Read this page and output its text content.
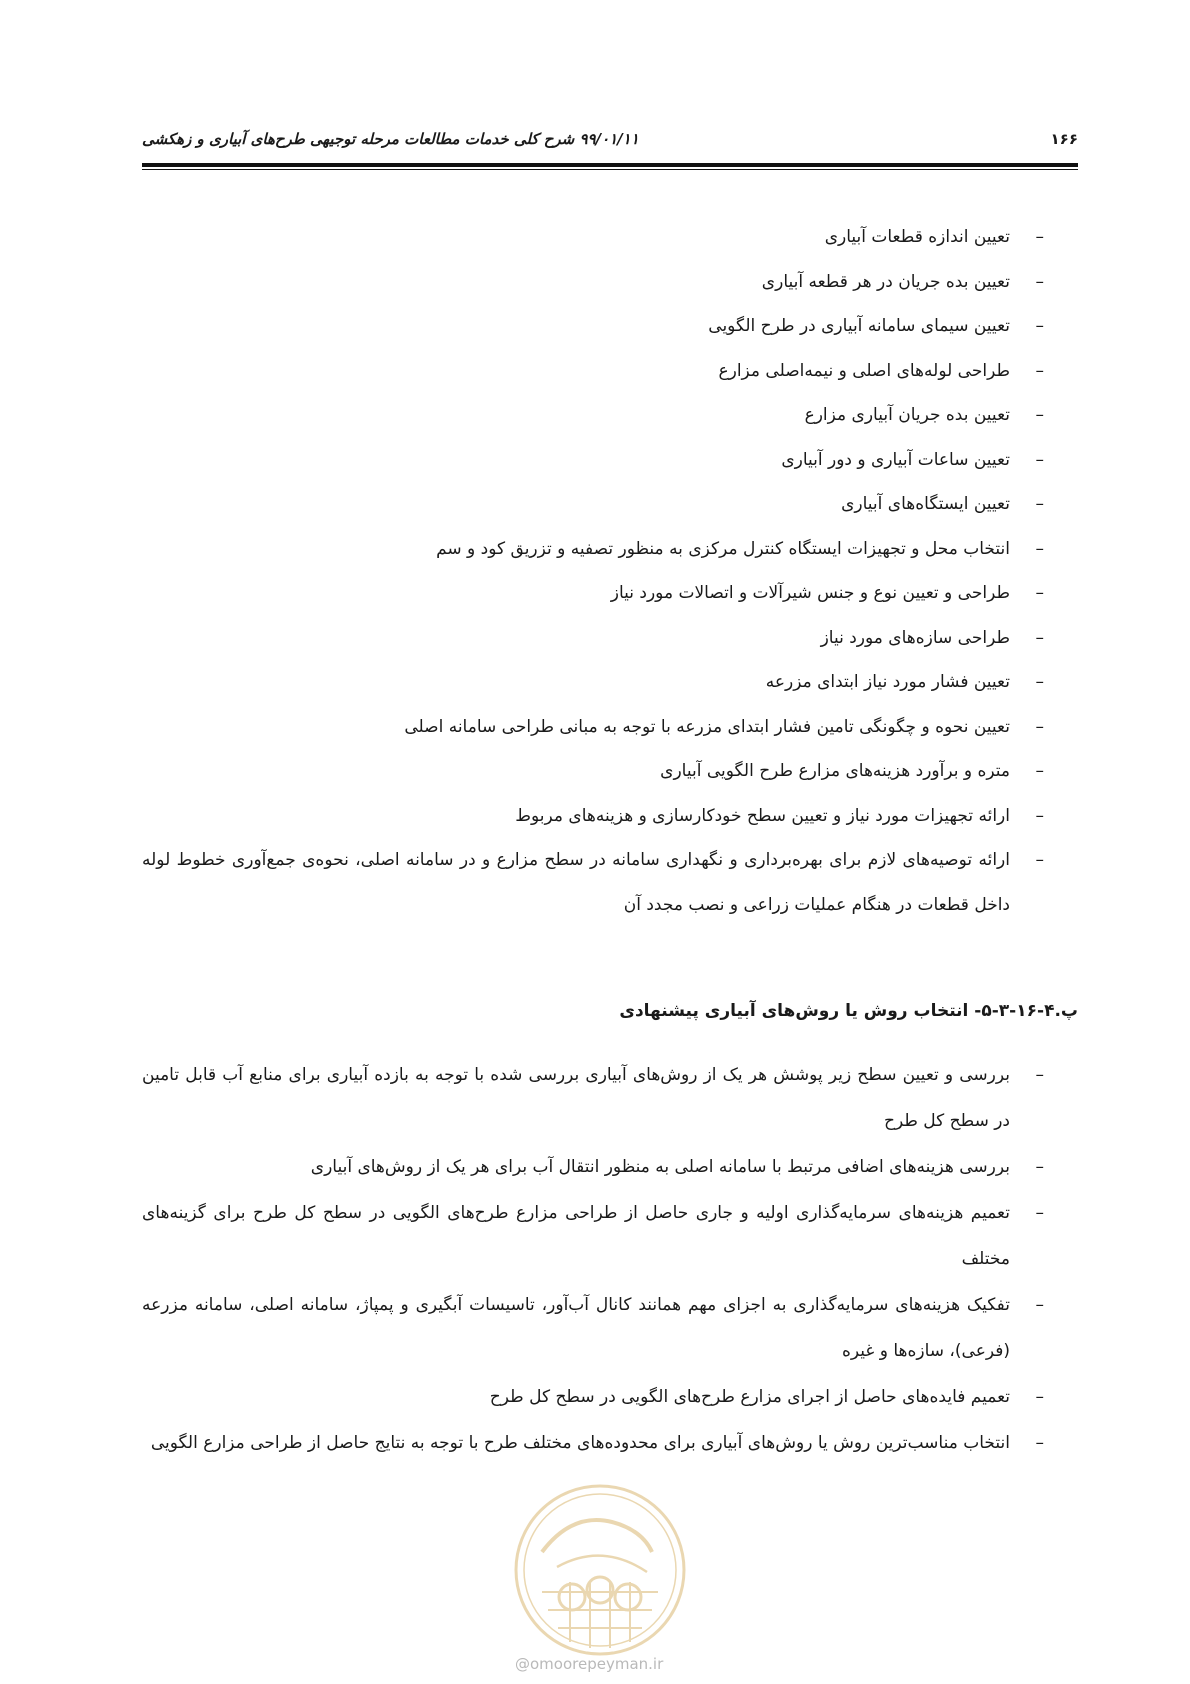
۱۶۶
۹۹/۰۱/۱۱ شرح کلی خدمات مطالعات مرحله توجیهی طرح‌های آبیاری و زهکشی
–
تعیین اندازه قطعات آبیاری
–
تعیین بده جریان در هر قطعه آبیاری
–
تعیین سیمای سامانه آبیاری در طرح الگویی
–
طراحی لوله‌های اصلی و نیمه‌اصلی مزارع
–
تعیین بده جریان آبیاری مزارع
–
تعیین ساعات آبیاری و دور آبیاری
–
تعیین ایستگاه‌های آبیاری
–
انتخاب محل و تجهیزات ایستگاه کنترل مرکزی به منظور تصفیه و تزریق کود و سم
–
طراحی و تعیین نوع و جنس شیرآلات و اتصالات مورد نیاز
–
طراحی سازه‌های مورد نیاز
–
تعیین فشار مورد نیاز ابتدای مزرعه
–
تعیین نحوه و چگونگی تامین فشار ابتدای مزرعه با توجه به مبانی طراحی سامانه اصلی
–
متره و برآورد هزینه‌های مزارع طرح الگویی آبیاری
–
ارائه تجهیزات مورد نیاز و تعیین سطح خودکارسازی و هزینه‌های مربوط
–
ارائه توصیه‌های لازم برای بهره‌برداری و نگهداری سامانه در سطح مزارع و در سامانه اصلی، نحوه‌ی جمع‌آوری خطوط لوله داخل قطعات در هنگام عملیات زراعی و نصب مجدد آن
پ.۴-۱۶-۳-۵- انتخاب روش یا روش‌های آبیاری پیشنهادی
–
بررسی و تعیین سطح زیر پوشش هر یک از روش‌های آبیاری بررسی شده با توجه به بازده آبیاری برای منابع آب قابل تامین در سطح کل طرح
–
بررسی هزینه‌های اضافی مرتبط با سامانه اصلی به منظور انتقال آب برای هر یک از روش‌های آبیاری
–
تعمیم هزینه‌های سرمایه‌گذاری اولیه و جاری حاصل از طراحی مزارع طرح‌های الگویی در سطح کل طرح برای گزینه‌های مختلف
–
تفکیک هزینه‌های سرمایه‌گذاری به اجزای مهم همانند کانال آب‌آور، تاسیسات آبگیری و پمپاژ، سامانه اصلی، سامانه مزرعه (فرعی)، سازه‌ها و غیره
–
تعمیم فایده‌های حاصل از اجرای مزارع طرح‌های الگویی در سطح کل طرح
–
انتخاب مناسب‌ترین روش یا روش‌های آبیاری برای محدوده‌های مختلف طرح با توجه به نتایج حاصل از طراحی مزارع الگویی
@omoorepeyman.ir
